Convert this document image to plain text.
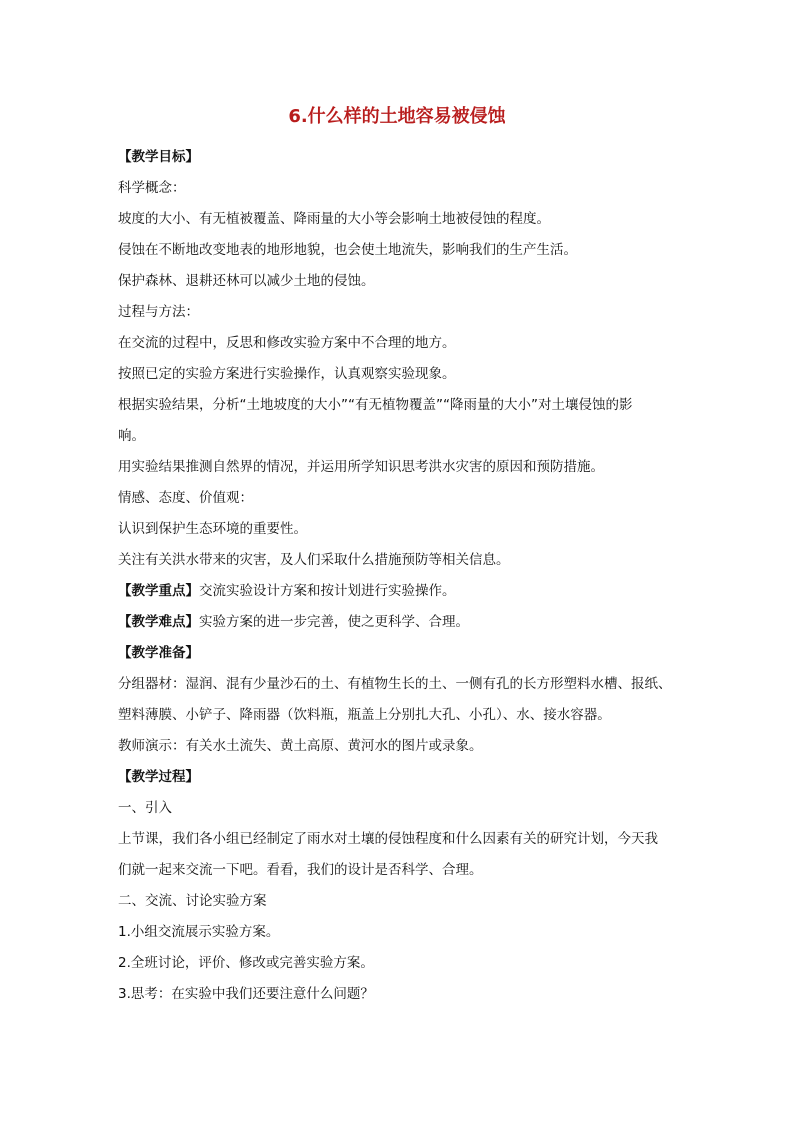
6.什么样的土地容易被侵蚀
【教学目标】
科学概念：
坡度的大小、有无植被覆盖、降雨量的大小等会影响土地被侵蚀的程度。
侵蚀在不断地改变地表的地形地貌，也会使土地流失，影响我们的生产生活。
保护森林、退耕还林可以减少土地的侵蚀。
过程与方法：
在交流的过程中，反思和修改实验方案中不合理的地方。
按照已定的实验方案进行实验操作，认真观察实验现象。
根据实验结果，分析“土地坡度的大小”“有无植物覆盖”“降雨量的大小”对土壤侵蚀的影
响。
用实验结果推测自然界的情况，并运用所学知识思考洪水灾害的原因和预防措施。
情感、态度、价值观：
认识到保护生态环境的重要性。
关注有关洪水带来的灾害，及人们采取什么措施预防等相关信息。
【教学重点】交流实验设计方案和按计划进行实验操作。
【教学难点】实验方案的进一步完善，使之更科学、合理。
【教学准备】
分组器材：湿润、混有少量沙石的土、有植物生长的土、一侧有孔的长方形塑料水槽、报纸、
塑料薄膜、小铲子、降雨器（饮料瓶，瓶盖上分别扎大孔、小孔）、水、接水容器。
教师演示：有关水土流失、黄土高原、黄河水的图片或录象。
【教学过程】
一、引入
上节课，我们各小组已经制定了雨水对土壤的侵蚀程度和什么因素有关的研究计划，今天我
们就一起来交流一下吧。看看，我们的设计是否科学、合理。
二、交流、讨论实验方案
1.小组交流展示实验方案。
2.全班讨论，评价、修改或完善实验方案。
3.思考：在实验中我们还要注意什么问题？
